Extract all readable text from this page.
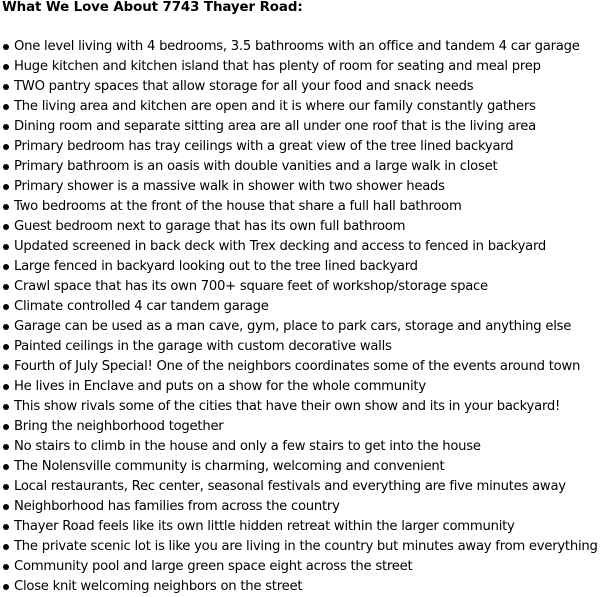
What We Love About 7743 Thayer Road:
One level living with 4 bedrooms, 3.5 bathrooms with an office and tandem 4 car garage
Huge kitchen and kitchen island that has plenty of room for seating and meal prep
TWO pantry spaces that allow storage for all your food and snack needs
The living area and kitchen are open and it is where our family constantly gathers
Dining room and separate sitting area are all under one roof that is the living area
Primary bedroom has tray ceilings with a great view of the tree lined backyard
Primary bathroom is an oasis with double vanities and a large walk in closet
Primary shower is a massive walk in shower with two shower heads
Two bedrooms at the front of the house that share a full hall bathroom
Guest bedroom next to garage that has its own full bathroom
Updated screened in back deck with Trex decking and access to fenced in backyard
Large fenced in backyard looking out to the tree lined backyard
Crawl space that has its own 700+ square feet of workshop/storage space
Climate controlled 4 car tandem garage
Garage can be used as a man cave, gym, place to park cars, storage and anything else
Painted ceilings in the garage with custom decorative walls
Fourth of July Special! One of the neighbors coordinates some of the events around town
He lives in Enclave and puts on a show for the whole community
This show rivals some of the cities that have their own show and its in your backyard!
Bring the neighborhood together
No stairs to climb in the house and only a few stairs to get into the house
The Nolensville community is charming, welcoming and convenient
Local restaurants, Rec center, seasonal festivals and everything are five minutes away
Neighborhood has families from across the country
Thayer Road feels like its own little hidden retreat within the larger community
The private scenic lot is like you are living in the country but minutes away from everything
Community pool and large green space eight across the street
Close knit welcoming neighbors on the street
